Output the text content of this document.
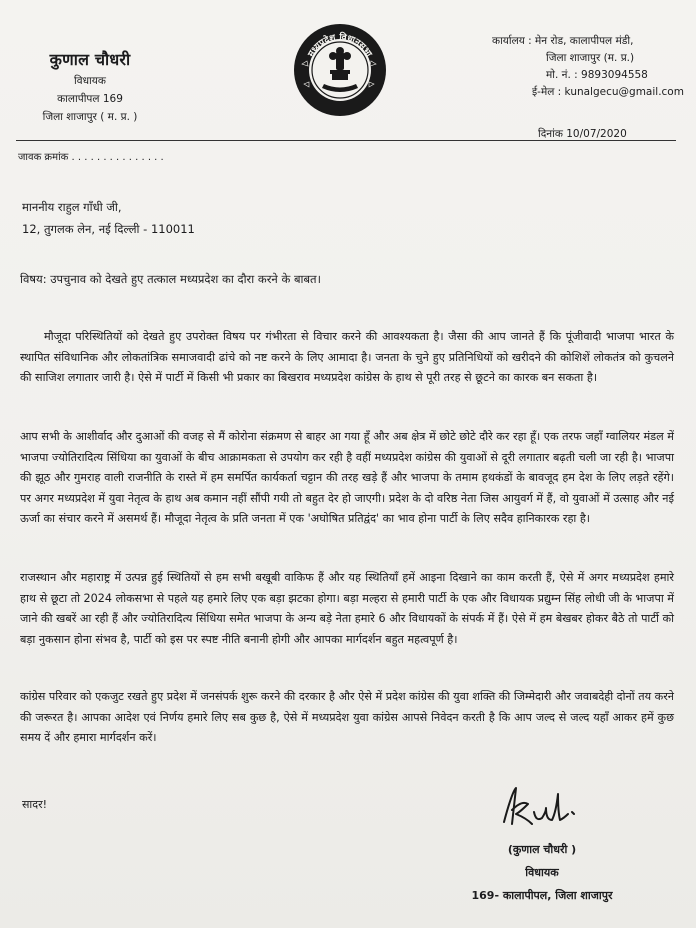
कुणाल चौधरी
विधायक
कालापीपल 169
जिला शाजापुर ( म. प्र. )
मध्यप्रदेश विधानसभा
कार्यालय : मेन रोड, कालापीपल मंडी,
जिला शाजापुर (म. प्र.)
मो. नं. : 9893094558
ई-मेल : kunalgecu@gmail.com
दिनांक 10/07/2020
जावक क्रमांक . . . . . . . . . . . . . . .
माननीय राहुल गाँधी जी,
12, तुगलक लेन, नई दिल्ली - 110011
विषय: उपचुनाव को देखते हुए तत्काल मध्यप्रदेश का दौरा करने के बाबत।
मौजूदा परिस्थितियों को देखते हुए उपरोक्त विषय पर गंभीरता से विचार करने की आवश्यकता है। जैसा की आप जानते हैं कि पूंजीवादी भाजपा भारत के स्थापित संविधानिक और लोकतांत्रिक समाजवादी ढांचे को नष्ट करने के लिए आमादा है। जनता के चुने हुए प्रतिनिधियों को खरीदने की कोशिशें लोकतंत्र को कुचलने की साजिश लगातार जारी है। ऐसे में पार्टी में किसी भी प्रकार का बिखराव मध्यप्रदेश कांग्रेस के हाथ से पूरी तरह से छूटने का कारक बन सकता है।
आप सभी के आशीर्वाद और दुआओं की वजह से मैं कोरोना संक्रमण से बाहर आ गया हूँ और अब क्षेत्र में छोटे छोटे दौरे कर रहा हूँ। एक तरफ जहाँ ग्वालियर मंडल में भाजपा ज्योतिरादित्य सिंधिया का युवाओं के बीच आक्रामकता से उपयोग कर रही है वहीं मध्यप्रदेश कांग्रेस की युवाओं से दूरी लगातार बढ़ती चली जा रही है। भाजपा की झूठ और गुमराह वाली राजनीति के रास्ते में हम समर्पित कार्यकर्ता चट्टान की तरह खड़े हैं और भाजपा के तमाम हथकंडों के बावजूद हम देश के लिए लड़ते रहेंगे। पर अगर मध्यप्रदेश में युवा नेतृत्व के हाथ अब कमान नहीं सौंपी गयी तो बहुत देर हो जाएगी। प्रदेश के दो वरिष्ठ नेता जिस आयुवर्ग में हैं, वो युवाओं में उत्साह और नई ऊर्जा का संचार करने में असमर्थ हैं। मौजूदा नेतृत्व के प्रति जनता में एक 'अघोषित प्रतिद्वंद' का भाव होना पार्टी के लिए सदैव हानिकारक रहा है।
राजस्थान और महाराष्ट्र में उत्पन्न हुई स्थितियों से हम सभी बखूबी वाकिफ हैं और यह स्थितियाँ हमें आइना दिखाने का काम करती हैं, ऐसे में अगर मध्यप्रदेश हमारे हाथ से छूटा तो 2024 लोकसभा से पहले यह हमारे लिए एक बड़ा झटका होगा। बड़ा मल्हरा से हमारी पार्टी के एक और विधायक प्रद्युम्न सिंह लोधी जी के भाजपा में जाने की खबरें आ रही हैं और ज्योतिरादित्य सिंधिया समेत भाजपा के अन्य बड़े नेता हमारे 6 और विधायकों के संपर्क में हैं। ऐसे में हम बेखबर होकर बैठे तो पार्टी को बड़ा नुकसान होना संभव है, पार्टी को इस पर स्पष्ट नीति बनानी होगी और आपका मार्गदर्शन बहुत महत्वपूर्ण है।
कांग्रेस परिवार को एकजुट रखते हुए प्रदेश में जनसंपर्क शुरू करने की दरकार है और ऐसे में प्रदेश कांग्रेस की युवा शक्ति की जिम्मेदारी और जवाबदेही दोनों तय करने की जरूरत है। आपका आदेश एवं निर्णय हमारे लिए सब कुछ है, ऐसे में मध्यप्रदेश युवा कांग्रेस आपसे निवेदन करती है कि आप जल्द से जल्द यहाँ आकर हमें कुछ समय दें और हमारा मार्गदर्शन करें।
सादर!
(कुणाल चौधरी )
विधायक
169- कालापीपल, जिला शाजापुर
